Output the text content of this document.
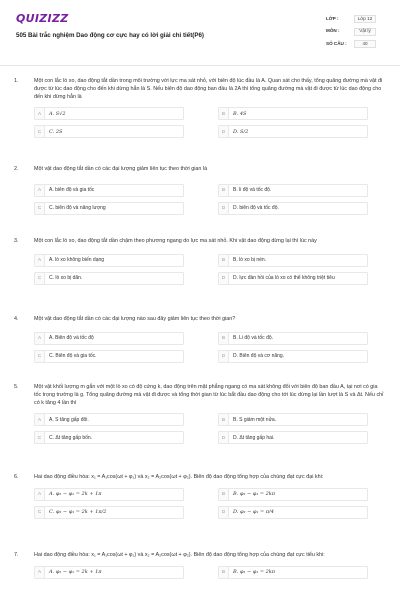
QUIZIZZ
505 Bài trắc nghiệm Dao động cơ cực hay có lời giải chi tiết(P6)
LỚP :	Lớp 12
MÔN :	Vật lý
SỐ CÂU :	40
1.	Một con lắc lò xo, dao động tắt dần trong môi trường với lực ma sát nhỏ, với biên độ lúc đầu là A. Quan sát cho thấy, tổng quãng đường mà vật đi được từ lúc dao động cho đến khi dừng hẳn là S. Nếu biên độ dao động ban đầu là 2A thì tổng quãng đường mà vật đi được từ lúc dao động cho đến khi dừng hẳn là
A	A. S√2	B	B. 4S
C	C. 2S	D	D. S/2
2.	Một vật dao động tắt dần có các đại lượng giảm liên tục theo thời gian là
A	A. biên độ và gia tốc	B	B. li độ và tốc độ.
C	C. biên độ và năng lượng	D	D. biên độ và tốc độ.
3.	Một con lắc lò xo, dao động tắt dần chậm theo phương ngang do lực ma sát nhỏ. Khi vật dao động dừng lại thì lúc này
A	A. lò xo không biến dạng	B	B. lò xo bị nén.
C	C. lò xo bị dãn.	D	D. lực đàn hồi của lò xo có thể không triệt tiêu
4.	Một vật dao động tắt dần có các đại lượng nào sau đây giảm liên tục theo thời gian?
A	A. Biên độ và tốc độ	B	B. Li độ và tốc độ.
C	C. Biên độ và gia tốc.	D	D. Biên độ và cơ năng.
5.	Một vật khối lượng m gắn với một lò xo có độ cứng k, dao động trên mặt phẳng ngang có ma sát không đổi với biên độ ban đầu A, tại nơi có gia tốc trọng trường là g. Tổng quãng đường mà vật đi được và tổng thời gian từ lúc bắt đầu dao động cho tới lúc dừng lại lần lượt là S và Δt. Nếu chỉ có k tăng 4 lần thì
A	A. S tăng gấp đôi.	B	B. S giảm một nửa.
C	C. Δt tăng gấp bốn.	D	D. Δt tăng gấp hai.
6.	Hai dao động điều hòa: x₁ = A₁cos(ωt + φ₁) và x₂ = A₂cos(ωt + φ₂). Biên độ dao động tổng hợp của chúng đạt cực đại khi:
A	A. φ₂ − φ₁ = 2k + 1π	B	B. φ₂ − φ₁ = 2kπ
C	C. φ₂ − φ₁ = 2k + 1π/2	D	D. φ₂ − φ₁ = π/4
7.	Hai dao động điều hòa: x₁ = A₁cos(ωt + φ₁) và x₂ = A₂cos(ωt + φ₂). Biên độ dao động tổng hợp của chúng đạt cực tiểu khi:
A	A. φ₂ − φ₁ = 2k + 1π	B	B. φ₂ − φ₁ = 2kπ
